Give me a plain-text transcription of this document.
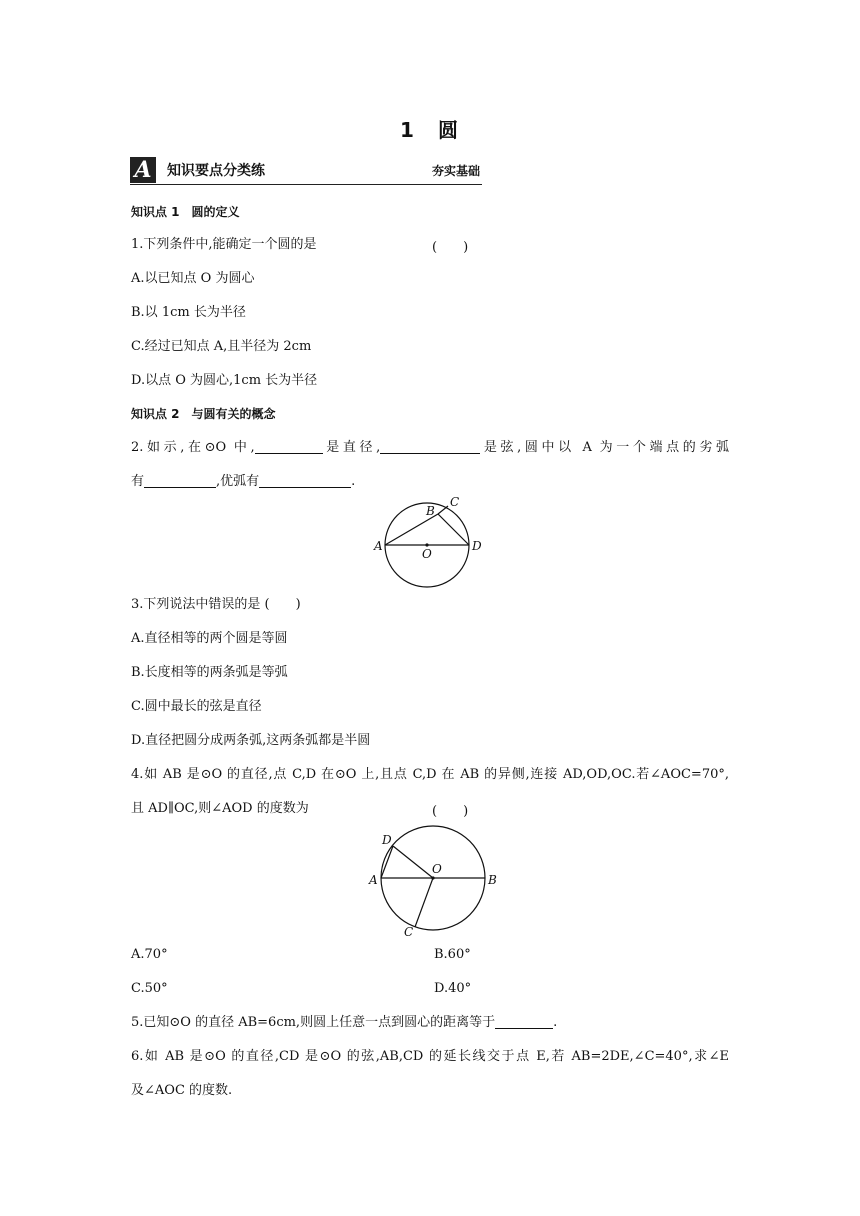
1　圆
A	知识要点分类练	夯实基础
知识点 1　圆的定义
1.下列条件中,能确定一个圆的是	(　　)
A.以已知点 O 为圆心
B.以 1cm 长为半径
C.经过已知点 A,且半径为 2cm
D.以点 O 为圆心,1cm 长为半径
知识点 2　与圆有关的概念
2.如示,在⊙O 中,	是直径,	是弦,圆中以 A 为一个端点的劣弧
有	,优弧有	.
A
B
C
D
O
3.下列说法中错误的是 (　　)
A.直径相等的两个圆是等圆
B.长度相等的两条弧是等弧
C.圆中最长的弦是直径
D.直径把圆分成两条弧,这两条弧都是半圆
4.如 AB 是⊙O 的直径,点 C,D 在⊙O 上,且点 C,D 在 AB 的异侧,连接 AD,OD,OC.若∠AOC=70°,
且 AD∥OC,则∠AOD 的度数为	(　　)
A	B
C
D
O
A.70°	B.60°
C.50°	D.40°
5.已知⊙O 的直径 AB=6cm,则圆上任意一点到圆心的距离等于	.
6.如 AB 是⊙O 的直径,CD 是⊙O 的弦,AB,CD 的延长线交于点 E,若 AB=2DE,∠C=40°,求∠E
及∠AOC 的度数.
